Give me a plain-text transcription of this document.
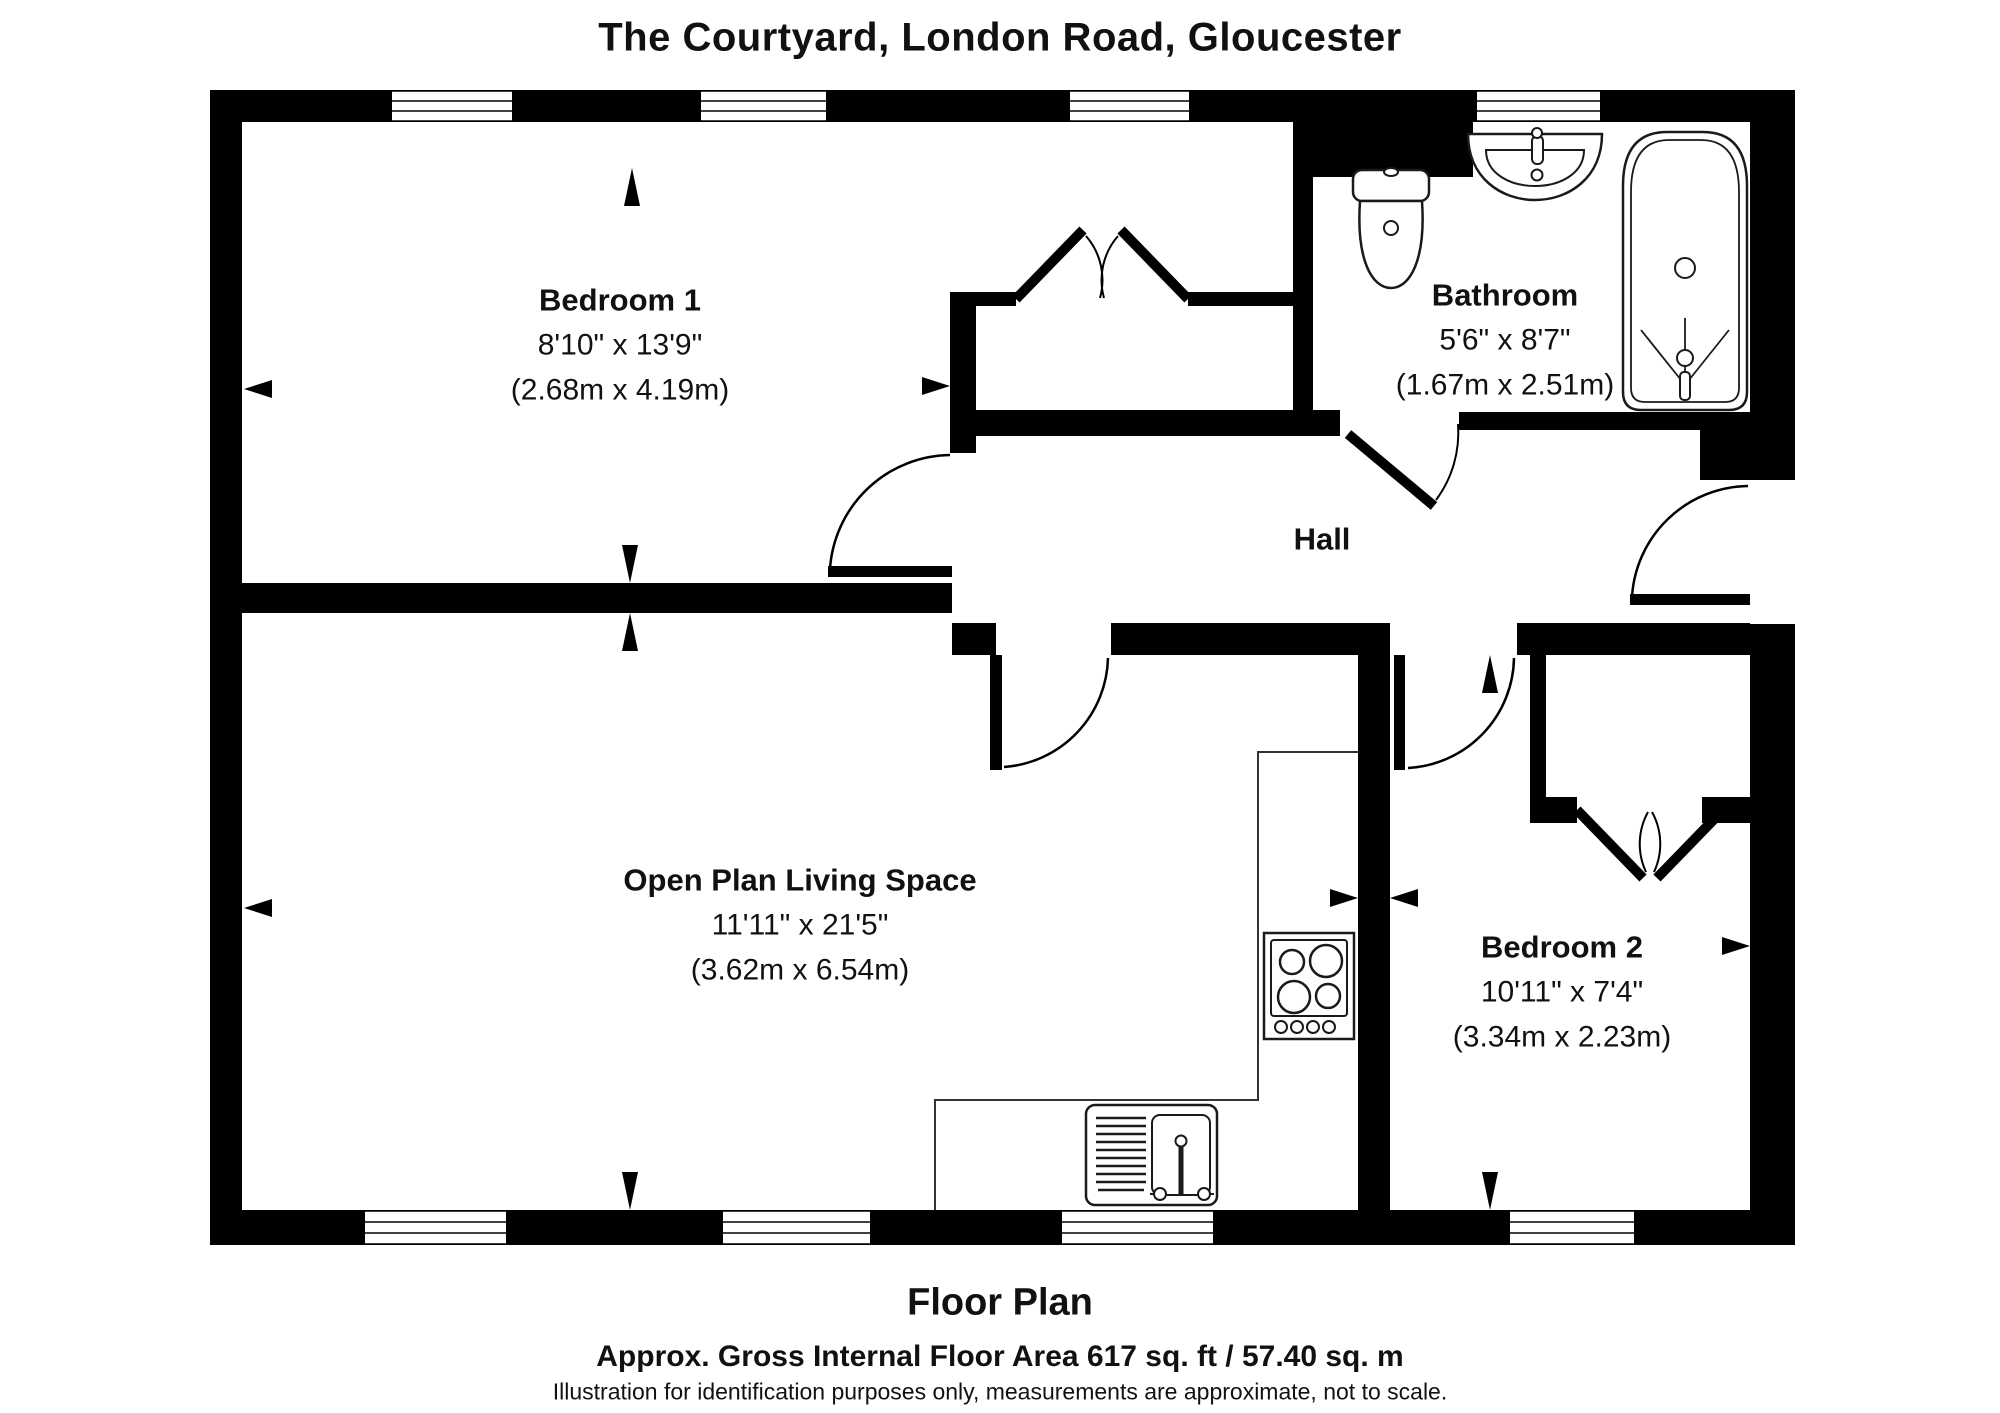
The Courtyard, London Road, Gloucester
Bedroom 1
8'10" x 13'9"
(2.68m x 4.19m)
Bathroom
5'6" x 8'7"
(1.67m x 2.51m)
Hall
Open Plan Living Space
11'11" x 21'5"
(3.62m x 6.54m)
Bedroom 2
10'11" x 7'4"
(3.34m x 2.23m)
Floor Plan
Approx. Gross Internal Floor Area 617 sq. ft / 57.40 sq. m
Illustration for identification purposes only, measurements are approximate, not to scale.
